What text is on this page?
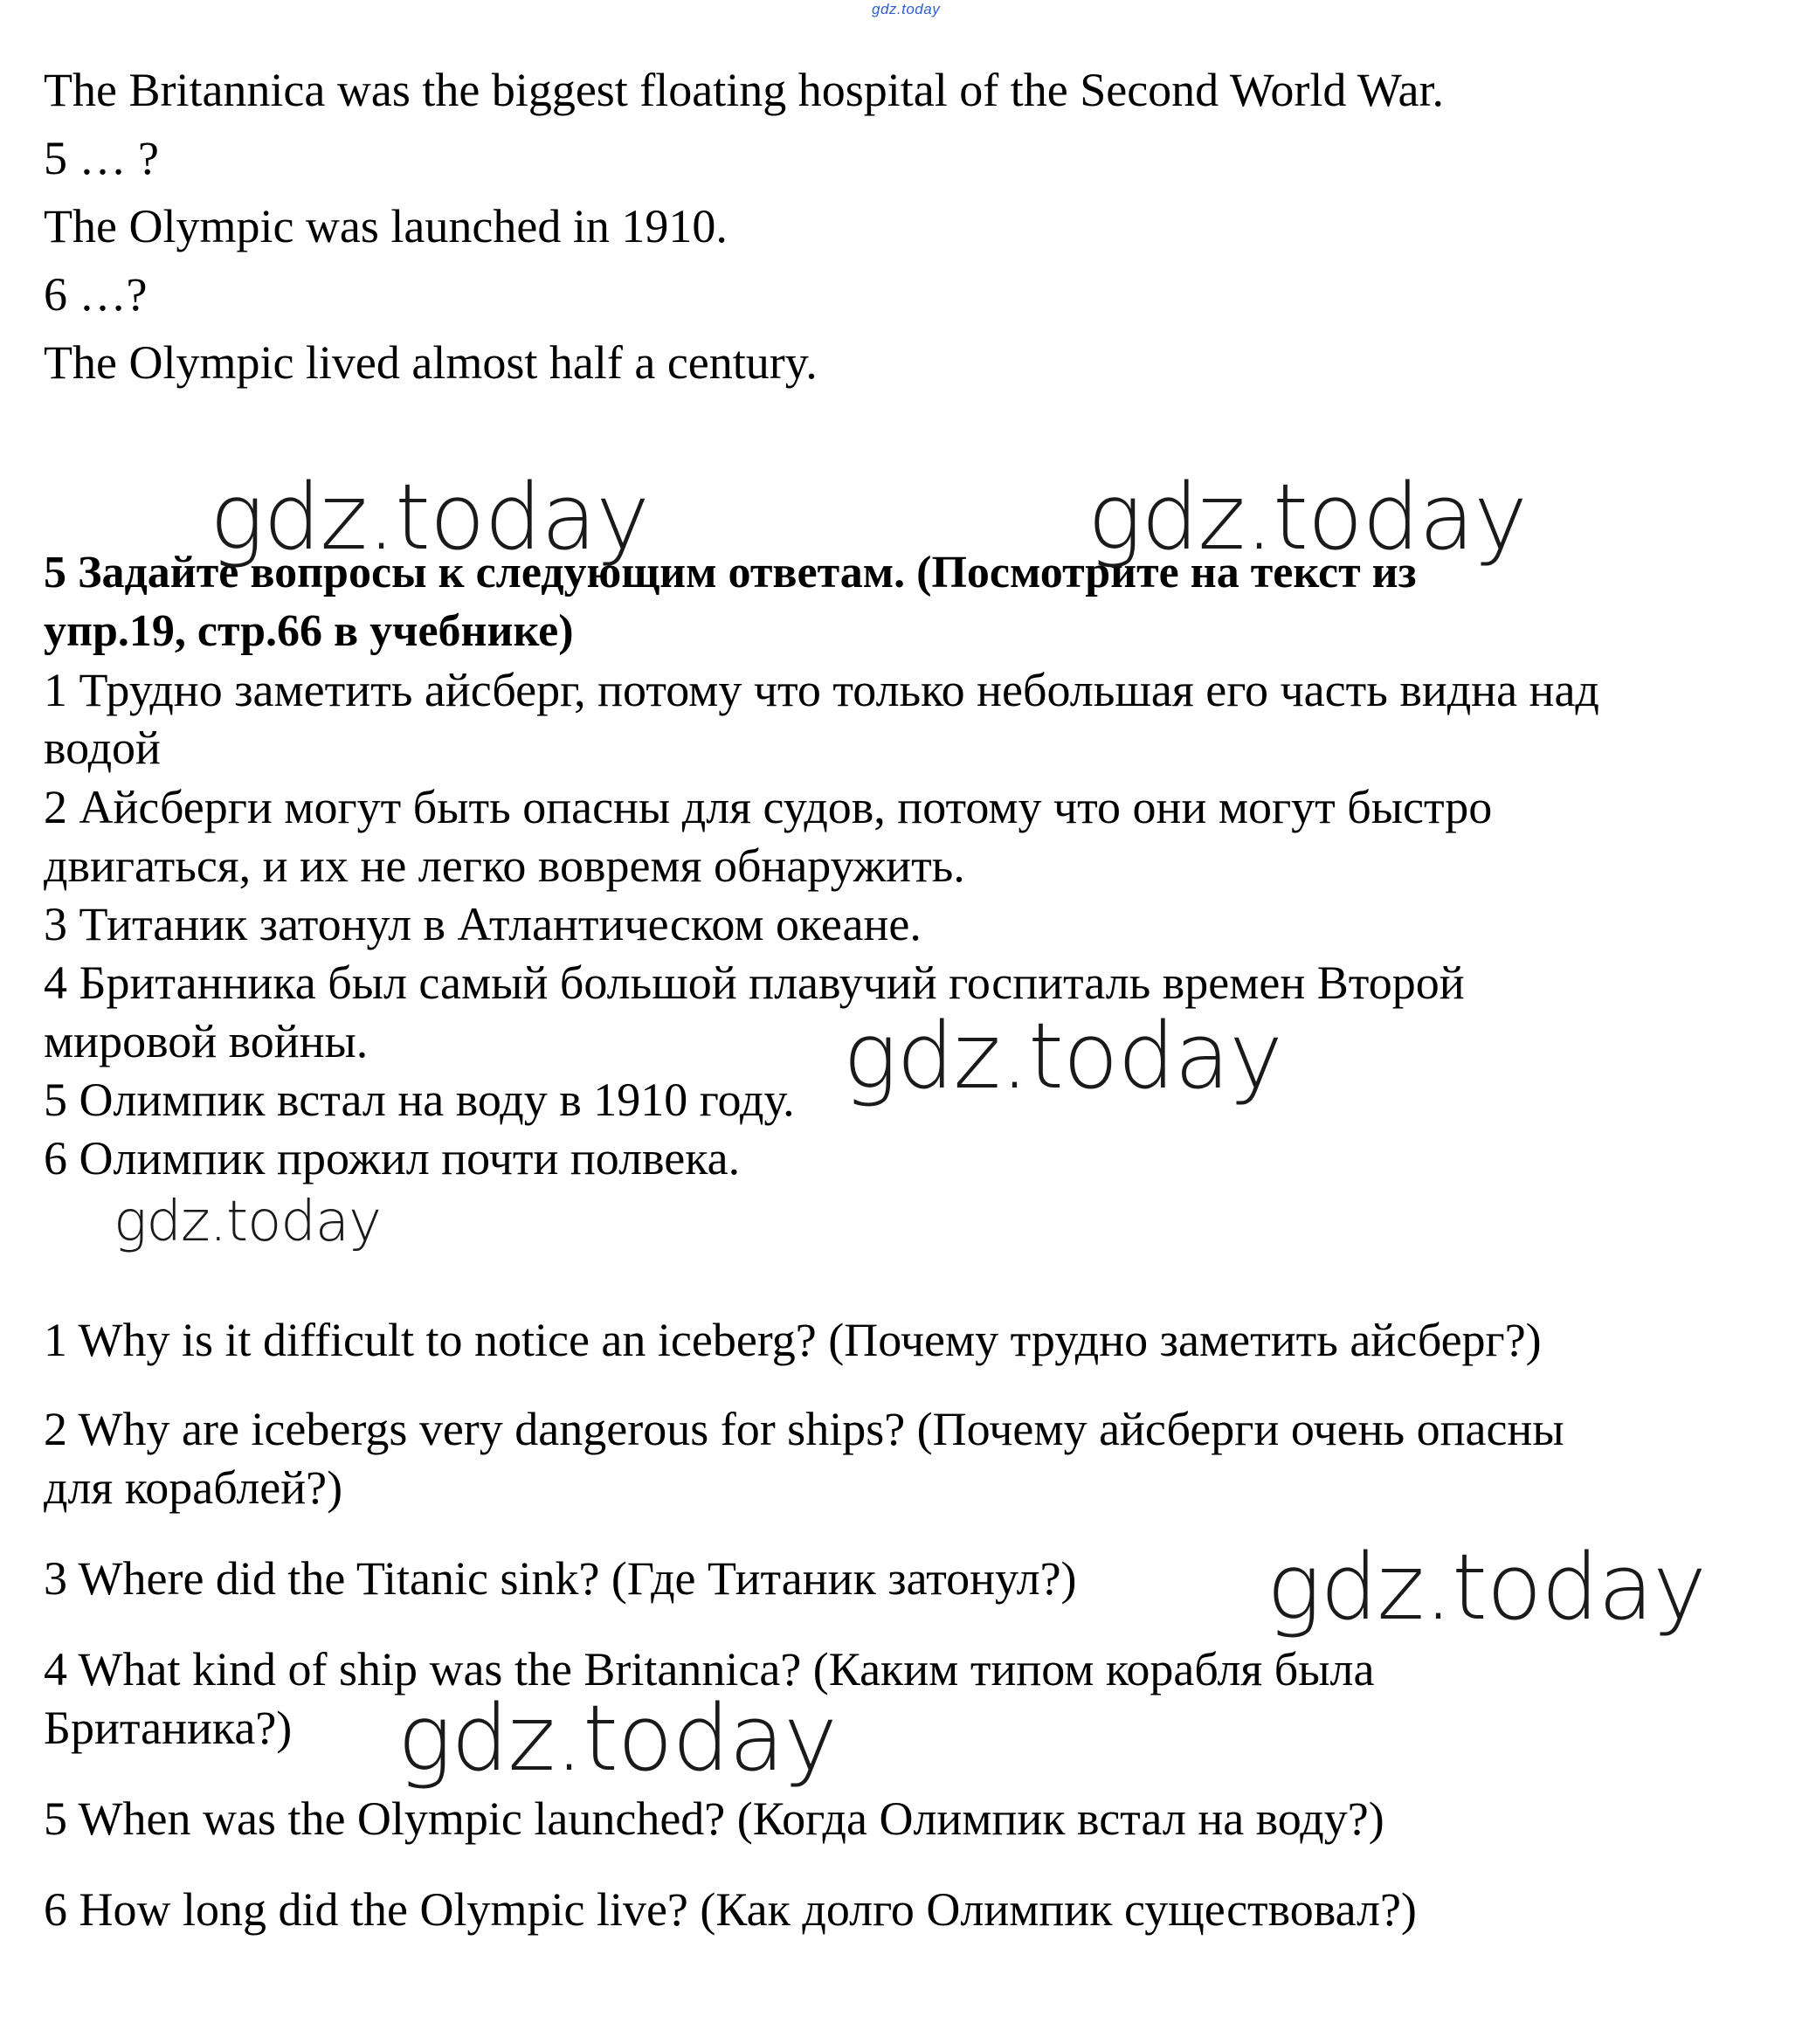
gdz.today
The Britannica was the biggest floating hospital of the Second World War.
5 … ?
The Olympic was launched in 1910.
6 …?
The Olympic lived almost half a century.
5 Задайте вопросы к следующим ответам. (Посмотрите на текст из
упр.19, стр.66 в учебнике)
1 Трудно заметить айсберг, потому что только небольшая его часть видна над
водой
2 Айсберги могут быть опасны для судов, потому что они могут быстро
двигаться, и их не легко вовремя обнаружить.
3 Титаник затонул в Атлантическом океане.
4 Британника был самый большой плавучий госпиталь времен Второй
мировой войны.
5 Олимпик встал на воду в 1910 году.
6 Олимпик прожил почти полвека.
1 Why is it difficult to notice an iceberg? (Почему трудно заметить айсберг?)
2 Why are icebergs very dangerous for ships? (Почему айсберги очень опасны
для кораблей?)
3 Where did the Titanic sink? (Где Титаник затонул?)
4 What kind of ship was the Britannica? (Каким типом корабля была
Британика?)
5 When was the Olympic launched? (Когда Олимпик встал на воду?)
6 How long did the Olympic live? (Как долго Олимпик существовал?)
gdz.today	gdz.today
gdz.today
gdz.today
gdz.today
gdz.today
